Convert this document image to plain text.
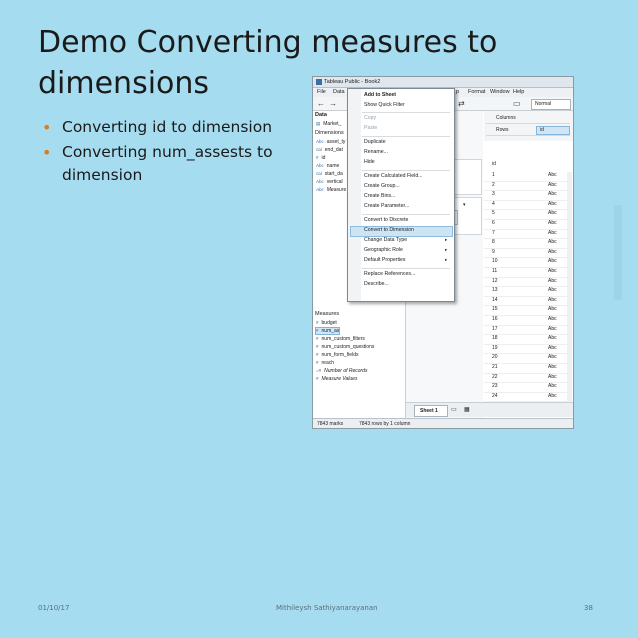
Demo Converting measures to dimensions
• Converting id to dimension
• Converting num_assests to dimension
Tableau Public - Book2
File Data	p Format Window Help
← →	⇄	▭	Normal
Data
▤ Market_
Dimensions
Abc asset_ty
cal end_dat
# id
Abc name
cal start_da
Abc vertical
Abc Measure
Measures
# budget
# num_as
# num_custom_filters
# num_custom_questions
# num_form_fields
# reach
=# Number of Records
# Measure Values
▾
Columns
Rows	id
id
1	Abc
2	Abc
3	Abc
4	Abc
5	Abc
6	Abc
7	Abc
8	Abc
9	Abc
10	Abc
11	Abc
12	Abc
13	Abc
14	Abc
15	Abc
16	Abc
17	Abc
18	Abc
19	Abc
20	Abc
21	Abc
22	Abc
23	Abc
24	Abc
Sheet 1 ▭ ▦
7843 marks	7843 rows by 1 column
Add to Sheet
Show Quick Filter
Copy
Paste
Duplicate
Rename...
Hide
Create Calculated Field...
Create Group...
Create Bins...
Create Parameter...
Convert to Discrete
Convert to Dimension
Change Data Type	▸
Geographic Role	▸
Default Properties	▸
Replace References...
Describe...
01/10/17	Mithileysh Sathiyanarayanan	38
